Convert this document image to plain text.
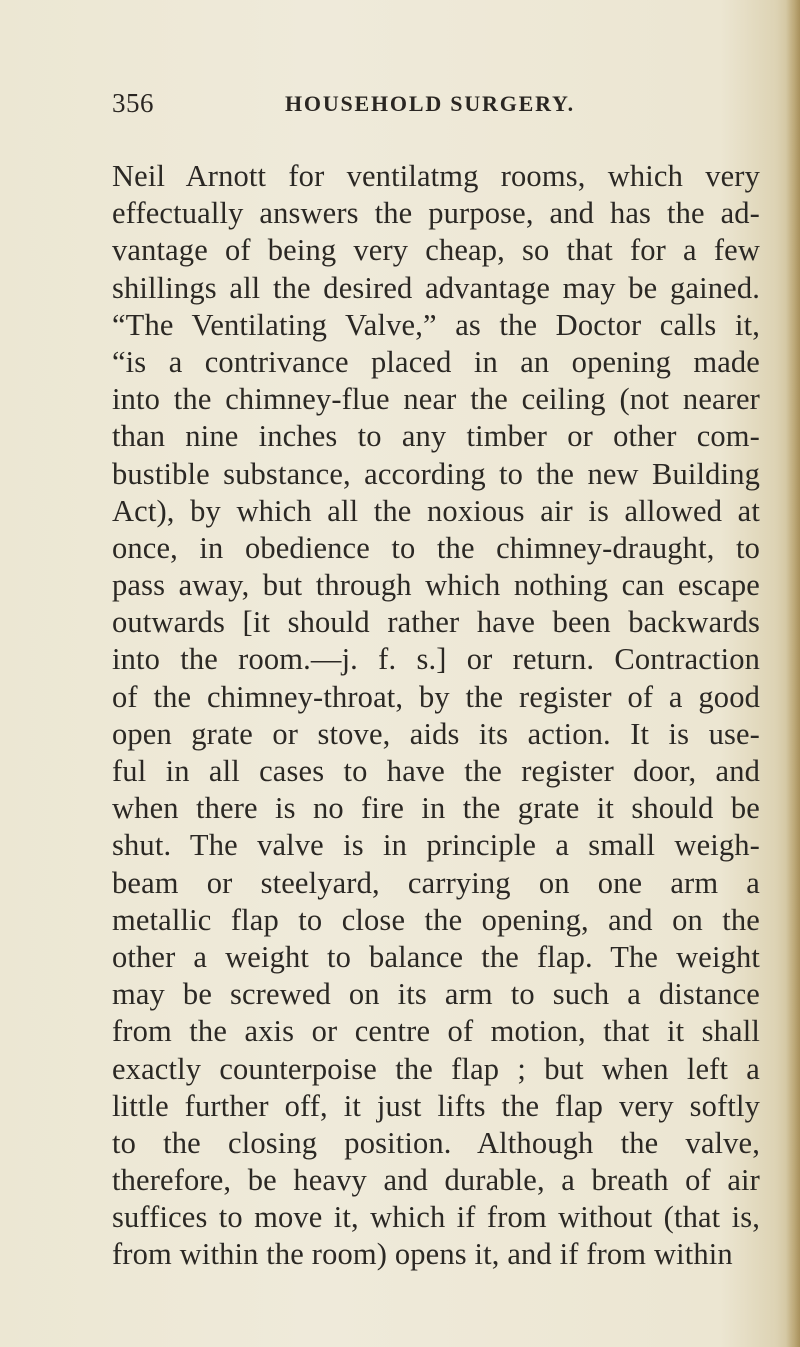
356	HOUSEHOLD SURGERY.
Neil Arnott for ventilatmg rooms, which very
effectually answers the purpose, and has the ad-
vantage of being very cheap, so that for a few
shillings all the desired advantage may be gained.
“The Ventilating Valve,” as the Doctor calls it,
“is a contrivance placed in an opening made
into the chimney-flue near the ceiling (not nearer
than nine inches to any timber or other com-
bustible substance, according to the new Building
Act), by which all the noxious air is allowed at
once, in obedience to the chimney-draught, to
pass away, but through which nothing can escape
outwards [it should rather have been backwards
into the room.—j. f. s.] or return. Contraction
of the chimney-throat, by the register of a good
open grate or stove, aids its action. It is use-
ful in all cases to have the register door, and
when there is no fire in the grate it should be
shut. The valve is in principle a small weigh-
beam or steelyard, carrying on one arm a
metallic flap to close the opening, and on the
other a weight to balance the flap. The weight
may be screwed on its arm to such a distance
from the axis or centre of motion, that it shall
exactly counterpoise the flap ; but when left a
little further off, it just lifts the flap very softly
to the closing position. Although the valve,
therefore, be heavy and durable, a breath of air
suffices to move it, which if from without (that is,
from within the room) opens it, and if from within
